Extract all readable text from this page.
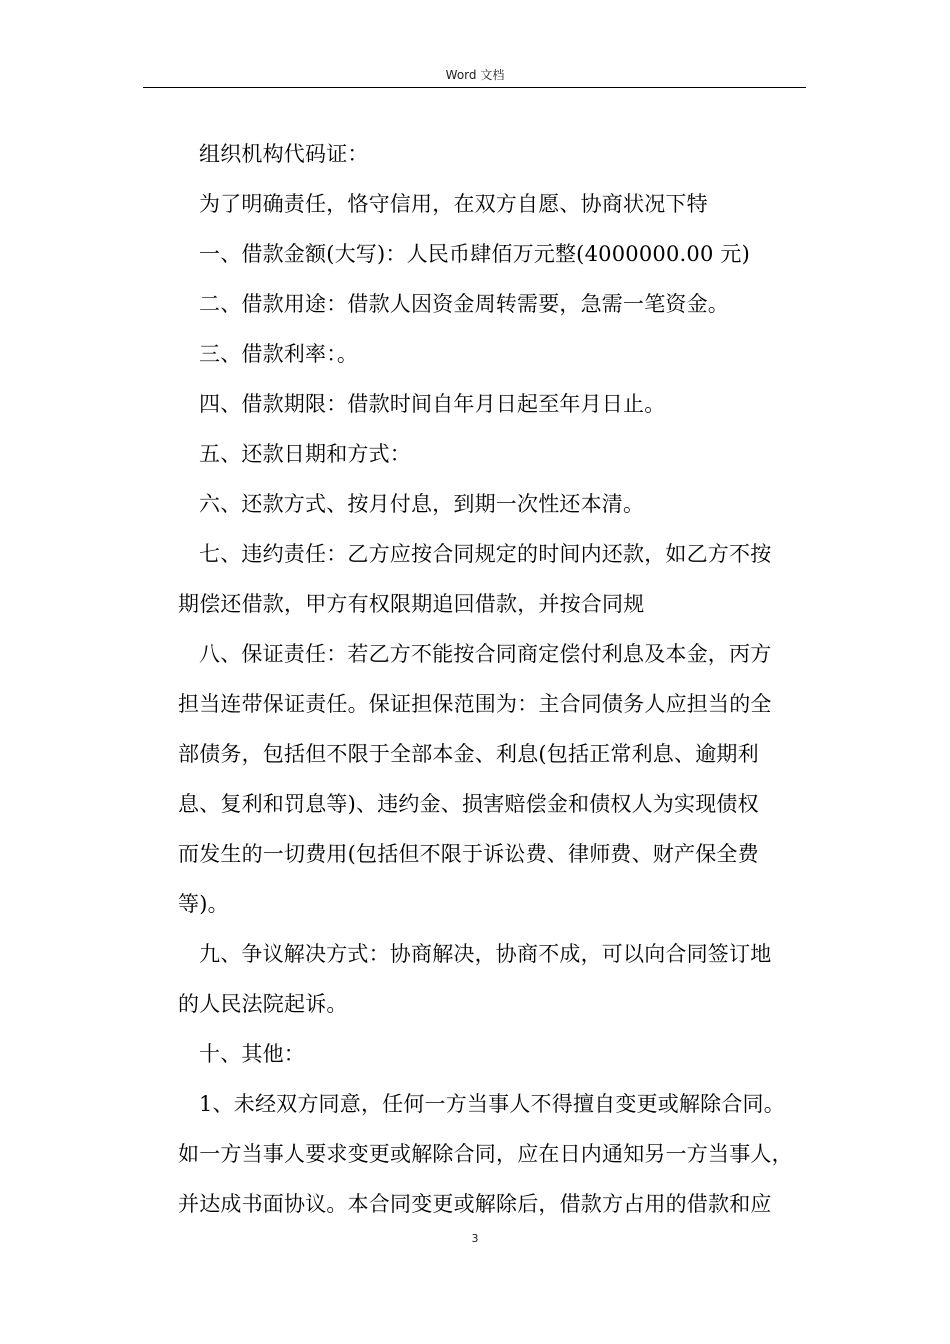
Word 文档
组织机构代码证：
为了明确责任，恪守信用，在双方自愿、协商状况下特
一、借款金额(大写)：人民币肆佰万元整(4000000.00 元)
二、借款用途：借款人因资金周转需要，急需一笔资金。
三、借款利率：。
四、借款期限：借款时间自年月日起至年月日止。
五、还款日期和方式：
六、还款方式、按月付息，到期一次性还本清。
七、违约责任：乙方应按合同规定的时间内还款，如乙方不按
期偿还借款，甲方有权限期追回借款，并按合同规
八、保证责任：若乙方不能按合同商定偿付利息及本金，丙方
担当连带保证责任。保证担保范围为：主合同债务人应担当的全
部债务，包括但不限于全部本金、利息(包括正常利息、逾期利
息、复利和罚息等)、违约金、损害赔偿金和债权人为实现债权
而发生的一切费用(包括但不限于诉讼费、律师费、财产保全费
等)。
九、争议解决方式：协商解决，协商不成，可以向合同签订地
的人民法院起诉。
十、其他：
1、未经双方同意，任何一方当事人不得擅自变更或解除合同。
如一方当事人要求变更或解除合同，应在日内通知另一方当事人，
并达成书面协议。本合同变更或解除后，借款方占用的借款和应
3
